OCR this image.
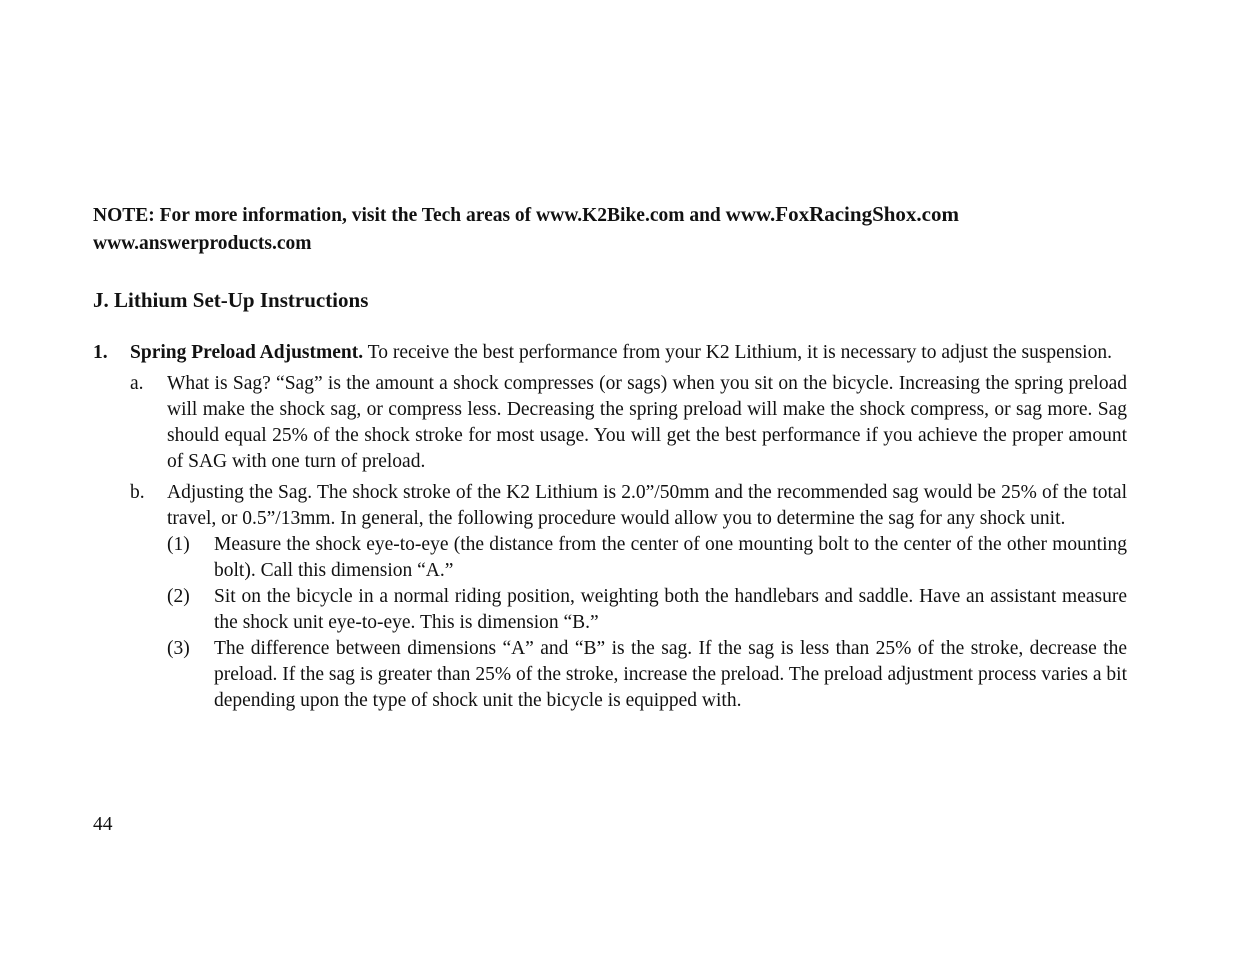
NOTE: For more information, visit the Tech areas of www.K2Bike.com and www.FoxRacingShox.com
www.answerproducts.com

J. Lithium Set-Up Instructions
1. Spring Preload Adjustment. To receive the best performance from your K2 Lithium, it is necessary to adjust the suspension.
a. What is Sag? “Sag” is the amount a shock compresses (or sags) when you sit on the bicycle. Increasing the spring preload will make the shock sag, or compress less. Decreasing the spring preload will make the shock compress, or sag more. Sag should equal 25% of the shock stroke for most usage. You will get the best performance if you achieve the proper amount of SAG with one turn of preload.
b. Adjusting the Sag. The shock stroke of the K2 Lithium is 2.0”/50mm and the recommended sag would be 25% of the total travel, or 0.5”/13mm. In general, the following procedure would allow you to determine the sag for any shock unit.
(1) Measure the shock eye-to-eye (the distance from the center of one mounting bolt to the center of the other mounting bolt). Call this dimension “A.”
(2) Sit on the bicycle in a normal riding position, weighting both the handlebars and saddle. Have an assistant measure the shock unit eye-to-eye. This is dimension “B.”
(3) The difference between dimensions “A” and “B” is the sag. If the sag is less than 25% of the stroke, decrease the preload. If the sag is greater than 25% of the stroke, increase the preload. The preload adjustment process varies a bit depending upon the type of shock unit the bicycle is equipped with.
44
